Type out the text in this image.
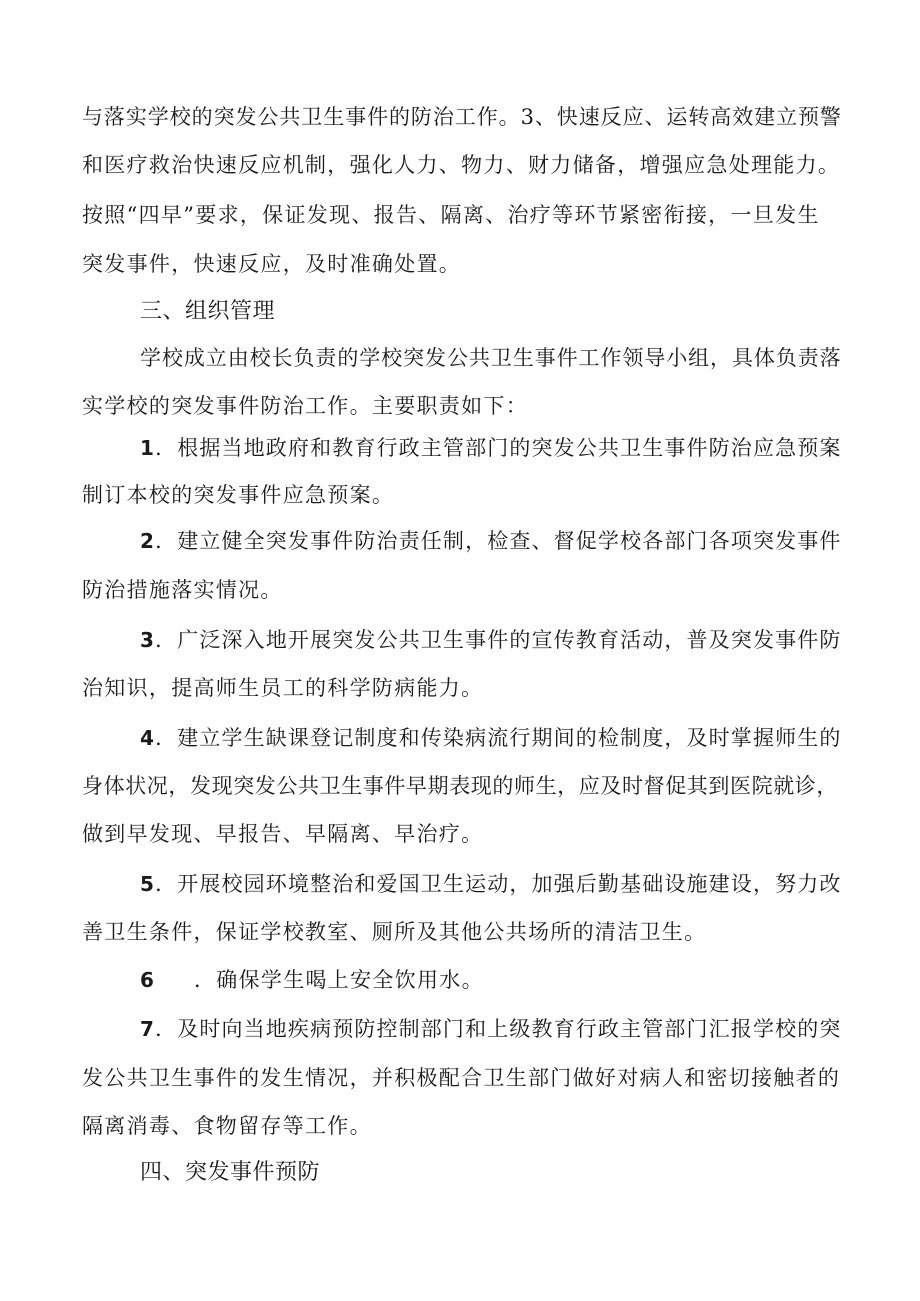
与落实学校的突发公共卫生事件的防治工作。3、快速反应、运转高效建立预警
和医疗救治快速反应机制，强化人力、物力、财力储备，增强应急处理能力。
按照“四早”要求，保证发现、报告、隔离、治疗等环节紧密衔接，一旦发生
突发事件，快速反应，及时准确处置。
三、组织管理
学校成立由校长负责的学校突发公共卫生事件工作领导小组，具体负责落
实学校的突发事件防治工作。主要职责如下：
1．根据当地政府和教育行政主管部门的突发公共卫生事件防治应急预案
制订本校的突发事件应急预案。
2．建立健全突发事件防治责任制，检查、督促学校各部门各项突发事件
防治措施落实情况。
3．广泛深入地开展突发公共卫生事件的宣传教育活动，普及突发事件防
治知识，提高师生员工的科学防病能力。
4．建立学生缺课登记制度和传染病流行期间的检制度，及时掌握师生的
身体状况，发现突发公共卫生事件早期表现的师生，应及时督促其到医院就诊，
做到早发现、早报告、早隔离、早治疗。
5．开展校园环境整治和爱国卫生运动，加强后勤基础设施建设，努力改
善卫生条件，保证学校教室、厕所及其他公共场所的清洁卫生。
6 ．确保学生喝上安全饮用水。
7．及时向当地疾病预防控制部门和上级教育行政主管部门汇报学校的突
发公共卫生事件的发生情况，并积极配合卫生部门做好对病人和密切接触者的
隔离消毒、食物留存等工作。
四、突发事件预防
